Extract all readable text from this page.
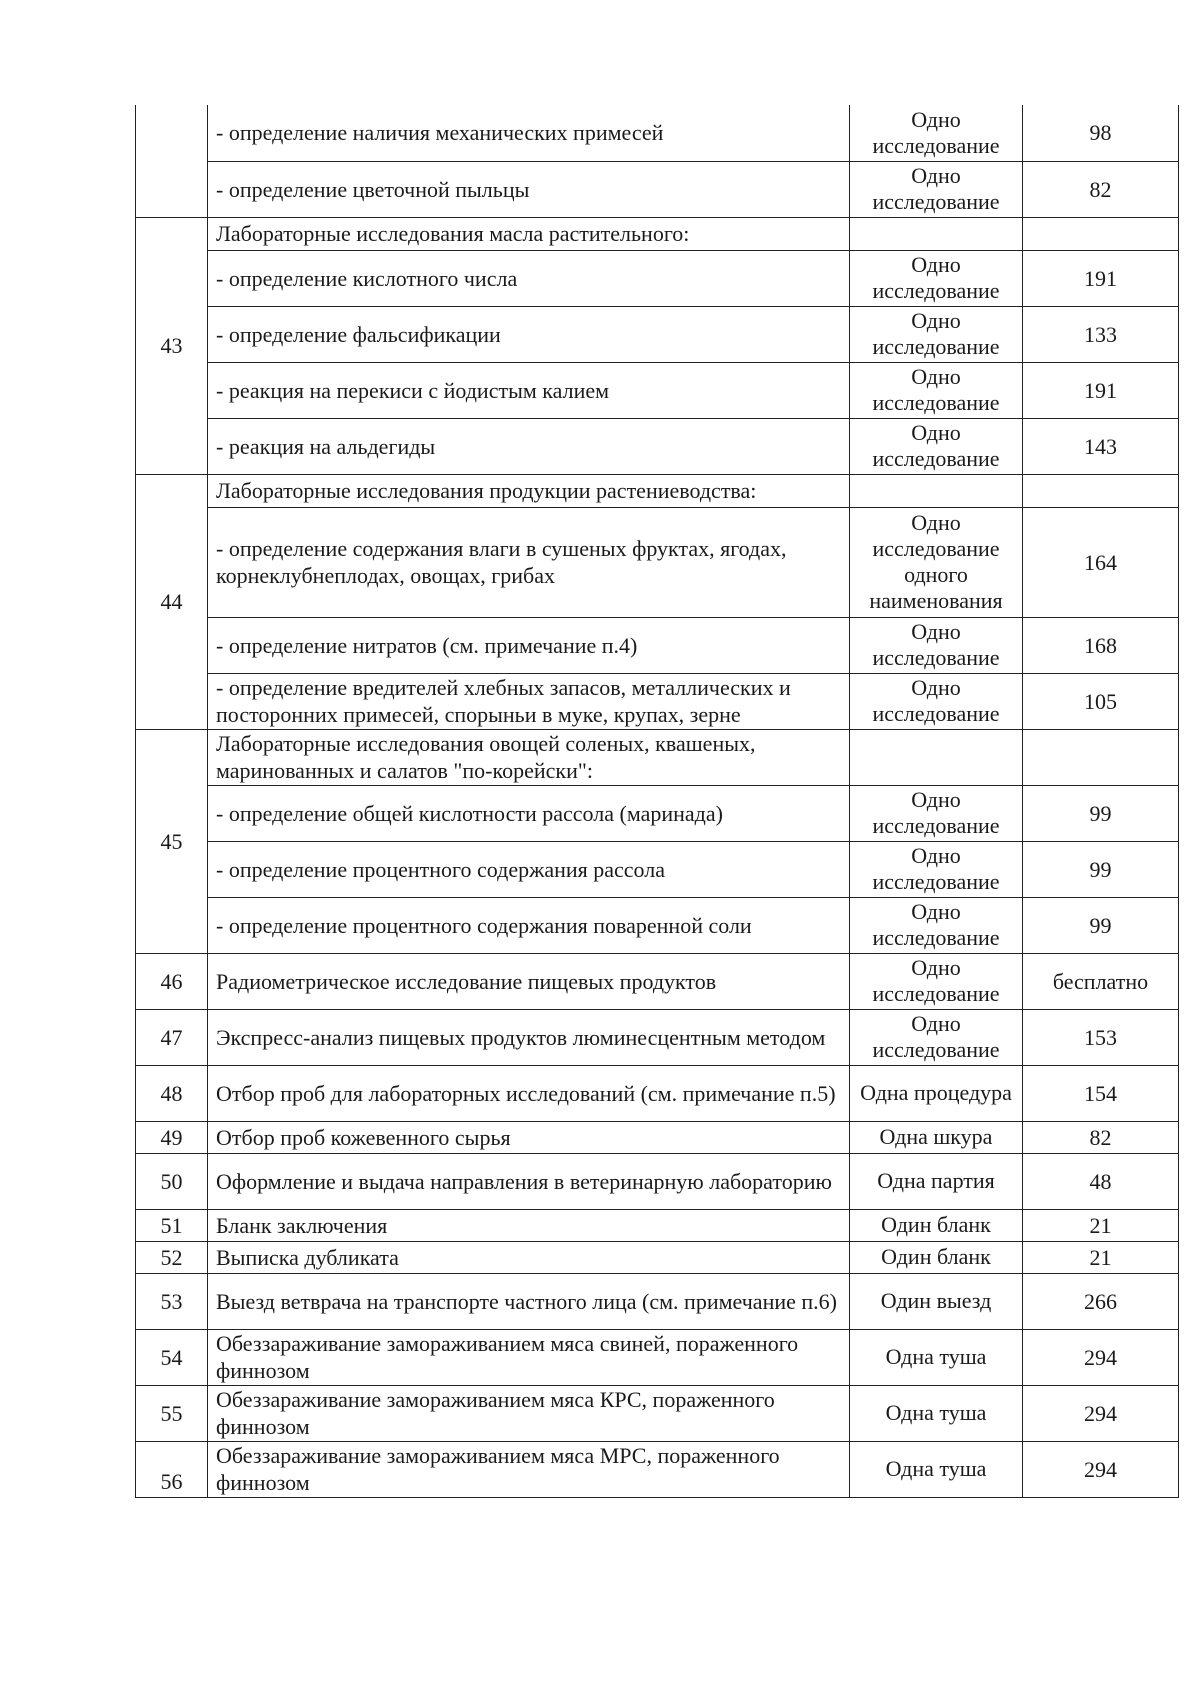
	- определение наличия механических примесей	Одно исследование	98
	- определение цветочной пыльцы	Одно исследование	82
43	Лабораторные исследования масла растительного:		
	- определение кислотного числа	Одно исследование	191
	- определение фальсификации	Одно исследование	133
	- реакция на перекиси с йодистым калием	Одно исследование	191
	- реакция на альдегиды	Одно исследование	143
44	Лабораторные исследования продукции растениеводства:		
	- определение содержания влаги в сушеных фруктах, ягодах, корнеклубнеплодах, овощах, грибах	Одно исследование одного наименования	164
	- определение нитратов (см. примечание п.4)	Одно исследование	168
	- определение вредителей хлебных запасов, металлических и посторонних примесей, спорыньи в муке, крупах, зерне	Одно исследование	105
45	Лабораторные исследования овощей соленых, квашеных, маринованных и салатов "по-корейски":		
	- определение общей кислотности рассола (маринада)	Одно исследование	99
	- определение процентного содержания рассола	Одно исследование	99
	- определение процентного содержания поваренной соли	Одно исследование	99
46	Радиометрическое исследование пищевых продуктов	Одно исследование	бесплатно
47	Экспресс-анализ пищевых продуктов люминесцентным методом	Одно исследование	153
48	Отбор проб для лабораторных исследований (см. примечание п.5)	Одна процедура	154
49	Отбор проб кожевенного сырья	Одна шкура	82
50	Оформление и выдача направления в ветеринарную лабораторию	Одна партия	48
51	Бланк заключения	Один бланк	21
52	Выписка дубликата	Один бланк	21
53	Выезд ветврача на транспорте частного лица (см. примечание п.6)	Один выезд	266
54	Обеззараживание замораживанием мяса свиней, пораженного финнозом	Одна туша	294
55	Обеззараживание замораживанием мяса КРС, пораженного финнозом	Одна туша	294
56	Обеззараживание замораживанием мяса МРС, пораженного финнозом	Одна туша	294
